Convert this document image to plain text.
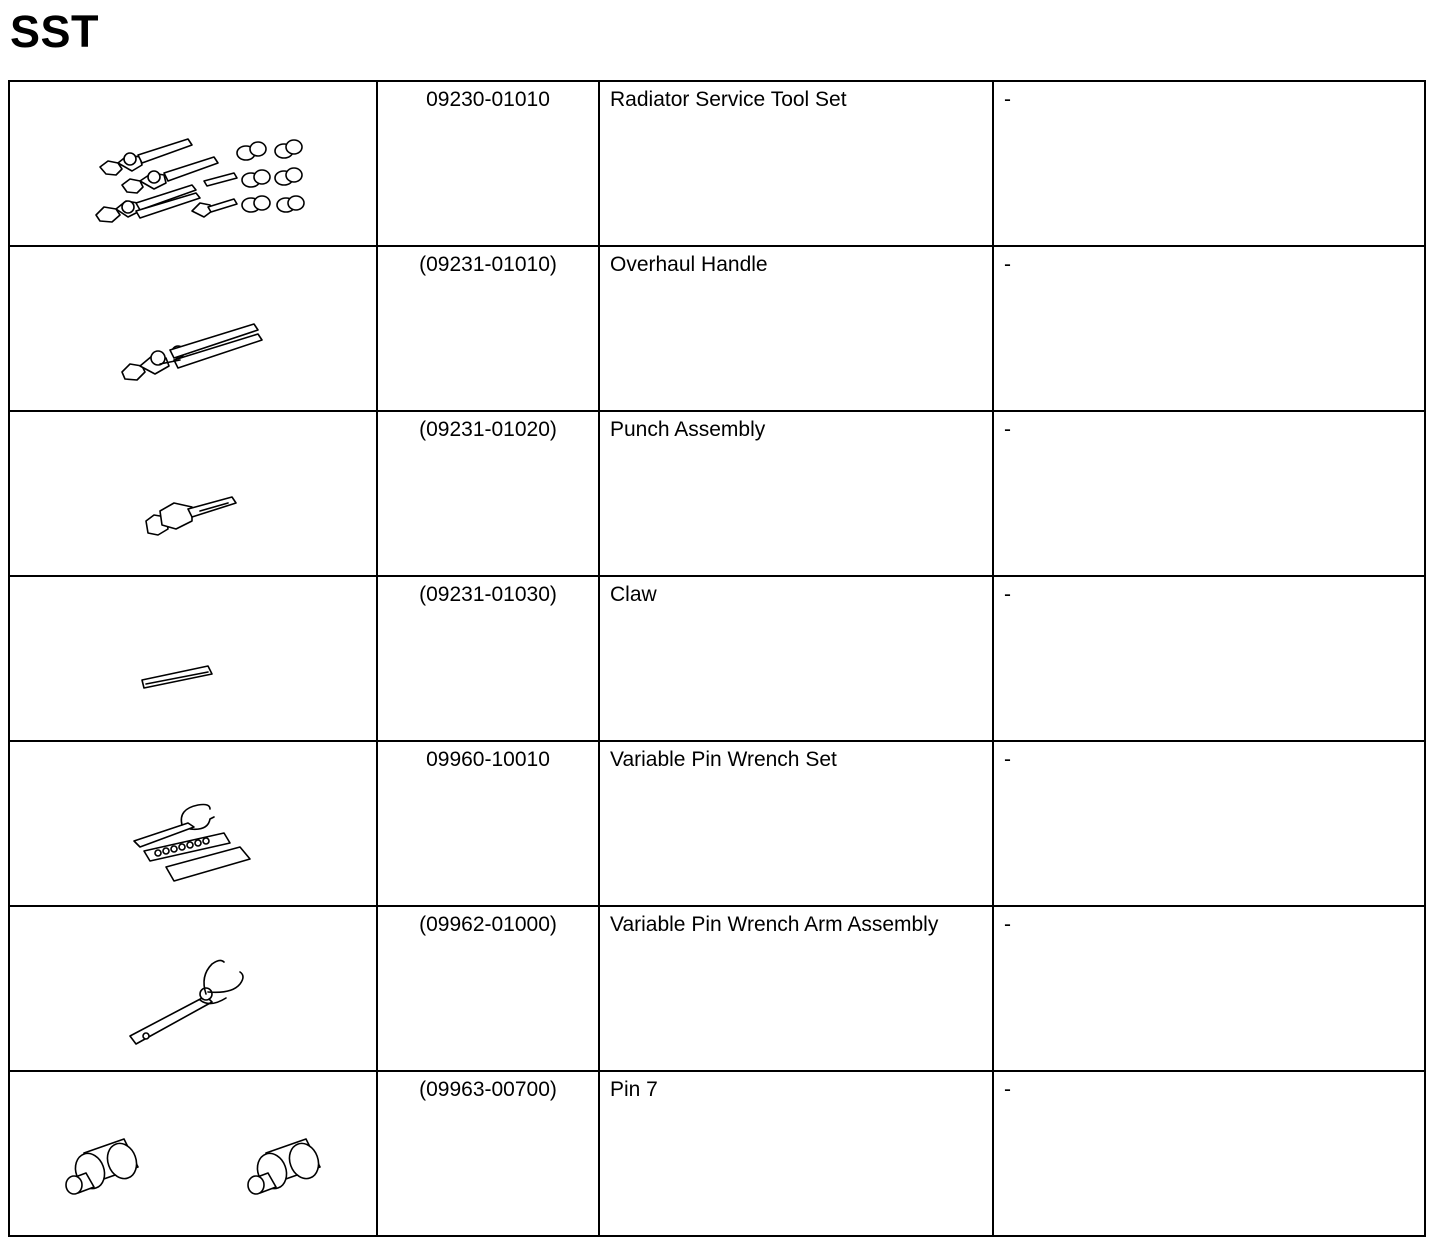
SST
	09230-01010	Radiator Service Tool Set	-

	(09231-01010)	Overhaul Handle	-

	(09231-01020)	Punch Assembly	-

	(09231-01030)	Claw	-

	09960-10010	Variable Pin Wrench Set	-

	(09962-01000)	Variable Pin Wrench Arm Assembly	-

	(09963-00700)	Pin 7	-
